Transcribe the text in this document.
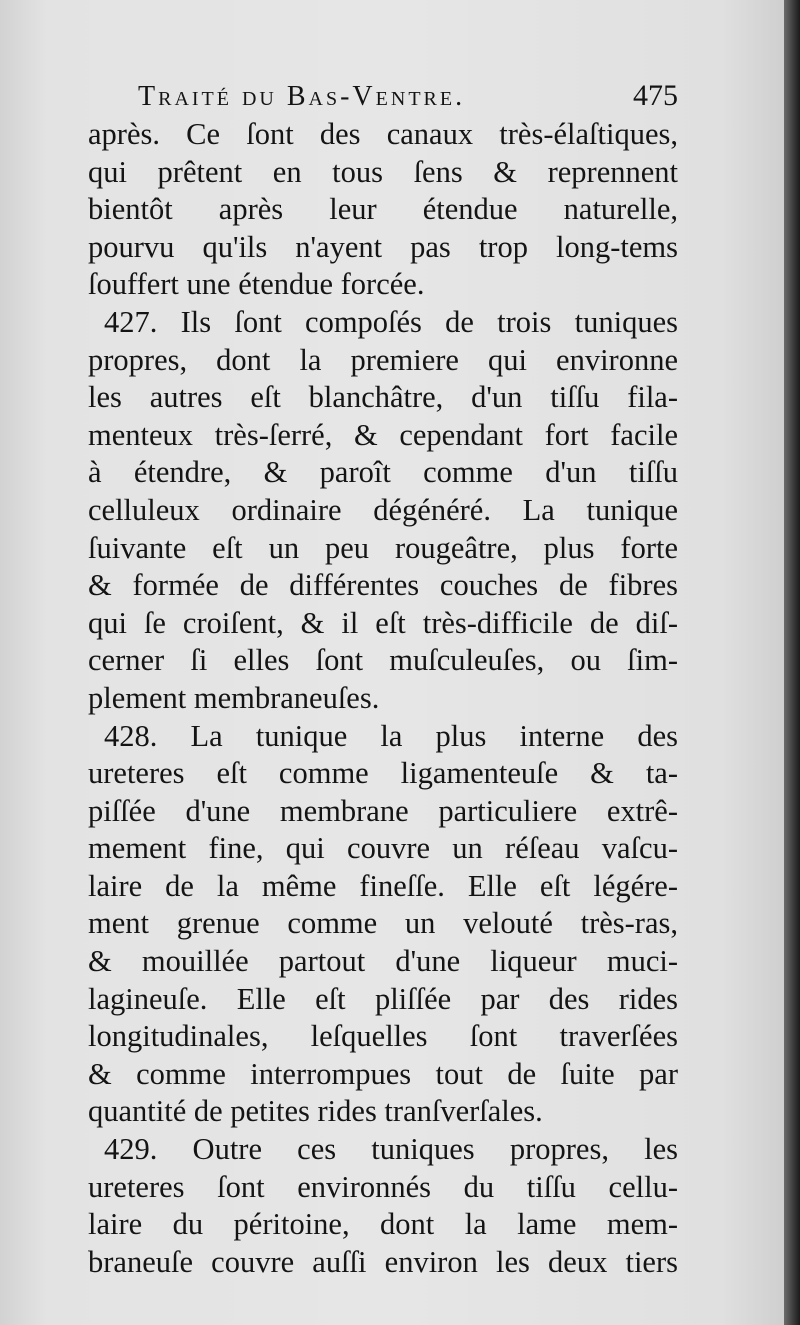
Traité du Bas-Ventre.	475
après. Ce ſont des canaux très-élaſtiques,
qui prêtent en tous ſens & reprennent
bientôt après leur étendue naturelle,
pourvu qu'ils n'ayent pas trop long-tems
ſouffert une étendue forcée.
427. Ils ſont compoſés de trois tuniques
propres, dont la premiere qui environne
les autres eſt blanchâtre, d'un tiſſu fila-
menteux très-ſerré, & cependant fort facile
à étendre, & paroît comme d'un tiſſu
celluleux ordinaire dégénéré. La tunique
ſuivante eſt un peu rougeâtre, plus forte
& formée de différentes couches de fibres
qui ſe croiſent, & il eſt très-difficile de diſ-
cerner ſi elles ſont muſculeuſes, ou ſim-
plement membraneuſes.
428. La tunique la plus interne des
ureteres eſt comme ligamenteuſe & ta-
piſſée d'une membrane particuliere extrê-
mement fine, qui couvre un réſeau vaſcu-
laire de la même fineſſe. Elle eſt légére-
ment grenue comme un velouté très-ras,
& mouillée partout d'une liqueur muci-
lagineuſe. Elle eſt pliſſée par des rides
longitudinales, leſquelles ſont traverſées
& comme interrompues tout de ſuite par
quantité de petites rides tranſverſales.
429. Outre ces tuniques propres, les
ureteres ſont environnés du tiſſu cellu-
laire du péritoine, dont la lame mem-
braneuſe couvre auſſi environ les deux tiers
